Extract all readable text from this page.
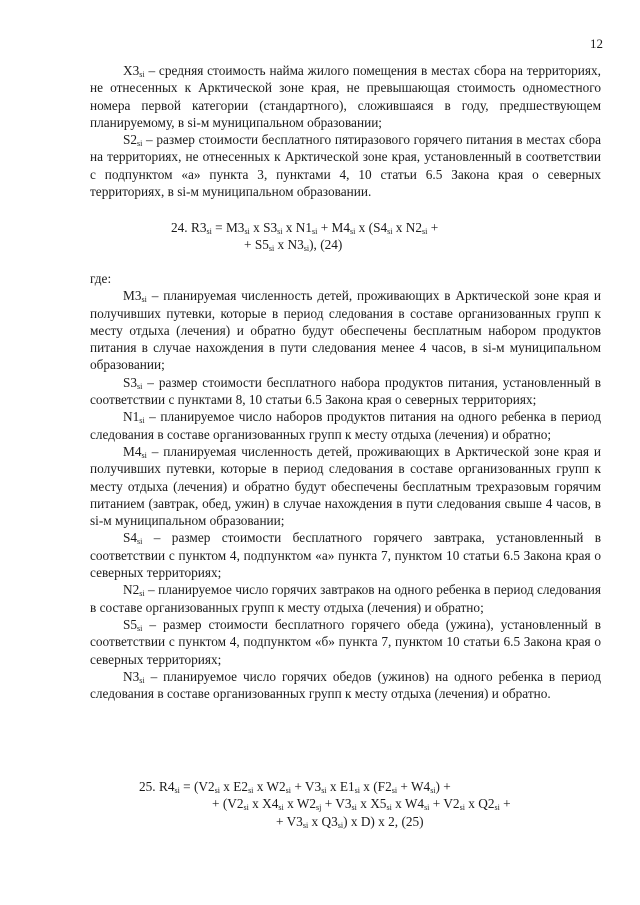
12

$X3_{si}$ – средняя стоимость найма жилого помещения в местах сбора на территориях, не отнесенных к Арктической зоне края, не превышающая стоимость одноместного номера первой категории (стандартного), сложившаяся в году, предшествующем планируемому, в si-м муниципальном образовании;

$S2_{si}$ – размер стоимости бесплатного пятиразового горячего питания в местах сбора на территориях, не отнесенных к Арктической зоне края, установленный в соответствии с подпунктом «а» пункта 3, пунктами 4, 10 статьи 6.5 Закона края о северных территориях, в si-м муниципальном образовании.

24. $R3_{si} = M3_{si}$ x $S3_{si}$ x $N1_{si} + M4_{si}$ x ($S4_{si}$ x $N2_{si}$ +
+ $S5_{si}$ x $N3_{si}$), (24)

где:

$M3_{si}$ – планируемая численность детей, проживающих в Арктической зоне края и получивших путевки, которые в период следования в составе организованных групп к месту отдыха (лечения) и обратно будут обеспечены бесплатным набором продуктов питания в случае нахождения в пути следования менее 4 часов, в si-м муниципальном образовании;

$S3_{si}$ – размер стоимости бесплатного набора продуктов питания, установленный в соответствии с пунктами 8, 10 статьи 6.5 Закона края о северных территориях;

$N1_{si}$ – планируемое число наборов продуктов питания на одного ребенка в период следования в составе организованных групп к месту отдыха (лечения) и обратно;

$M4_{si}$ – планируемая численность детей, проживающих в Арктической зоне края и получивших путевки, которые в период следования в составе организованных групп к месту отдыха (лечения) и обратно будут обеспечены бесплатным трехразовым горячим питанием (завтрак, обед, ужин) в случае нахождения в пути следования свыше 4 часов, в si-м муниципальном образовании;

$S4_{si}$ – размер стоимости бесплатного горячего завтрака, установленный в соответствии с пунктом 4, подпунктом «а» пункта 7, пунктом 10 статьи 6.5 Закона края о северных территориях;

$N2_{si}$ – планируемое число горячих завтраков на одного ребенка в период следования в составе организованных групп к месту отдыха (лечения) и обратно;

$S5_{si}$ – размер стоимости бесплатного горячего обеда (ужина), установленный в соответствии с пунктом 4, подпунктом «б» пункта 7, пунктом 10 статьи 6.5 Закона края о северных территориях;

$N3_{si}$ – планируемое число горячих обедов (ужинов) на одного ребенка в период следования в составе организованных групп к месту отдыха (лечения) и обратно.

25. $R4_{si} = (V2_{si}$ x $E2_{si}$ x $W2_{si} + V3_{si}$ x $E1_{si}$ x $(F2_{si} + W4_{si})$ +
+ ($V2_{si}$ x $X4_{si}$ x $W2_{sj} + V3_{si}$ x $X5_{si}$ x $W4_{si} + V2_{si}$ x $Q2_{si}$ +
+ $V3_{si}$ x $Q3_{si}$) x D) x 2, (25)
